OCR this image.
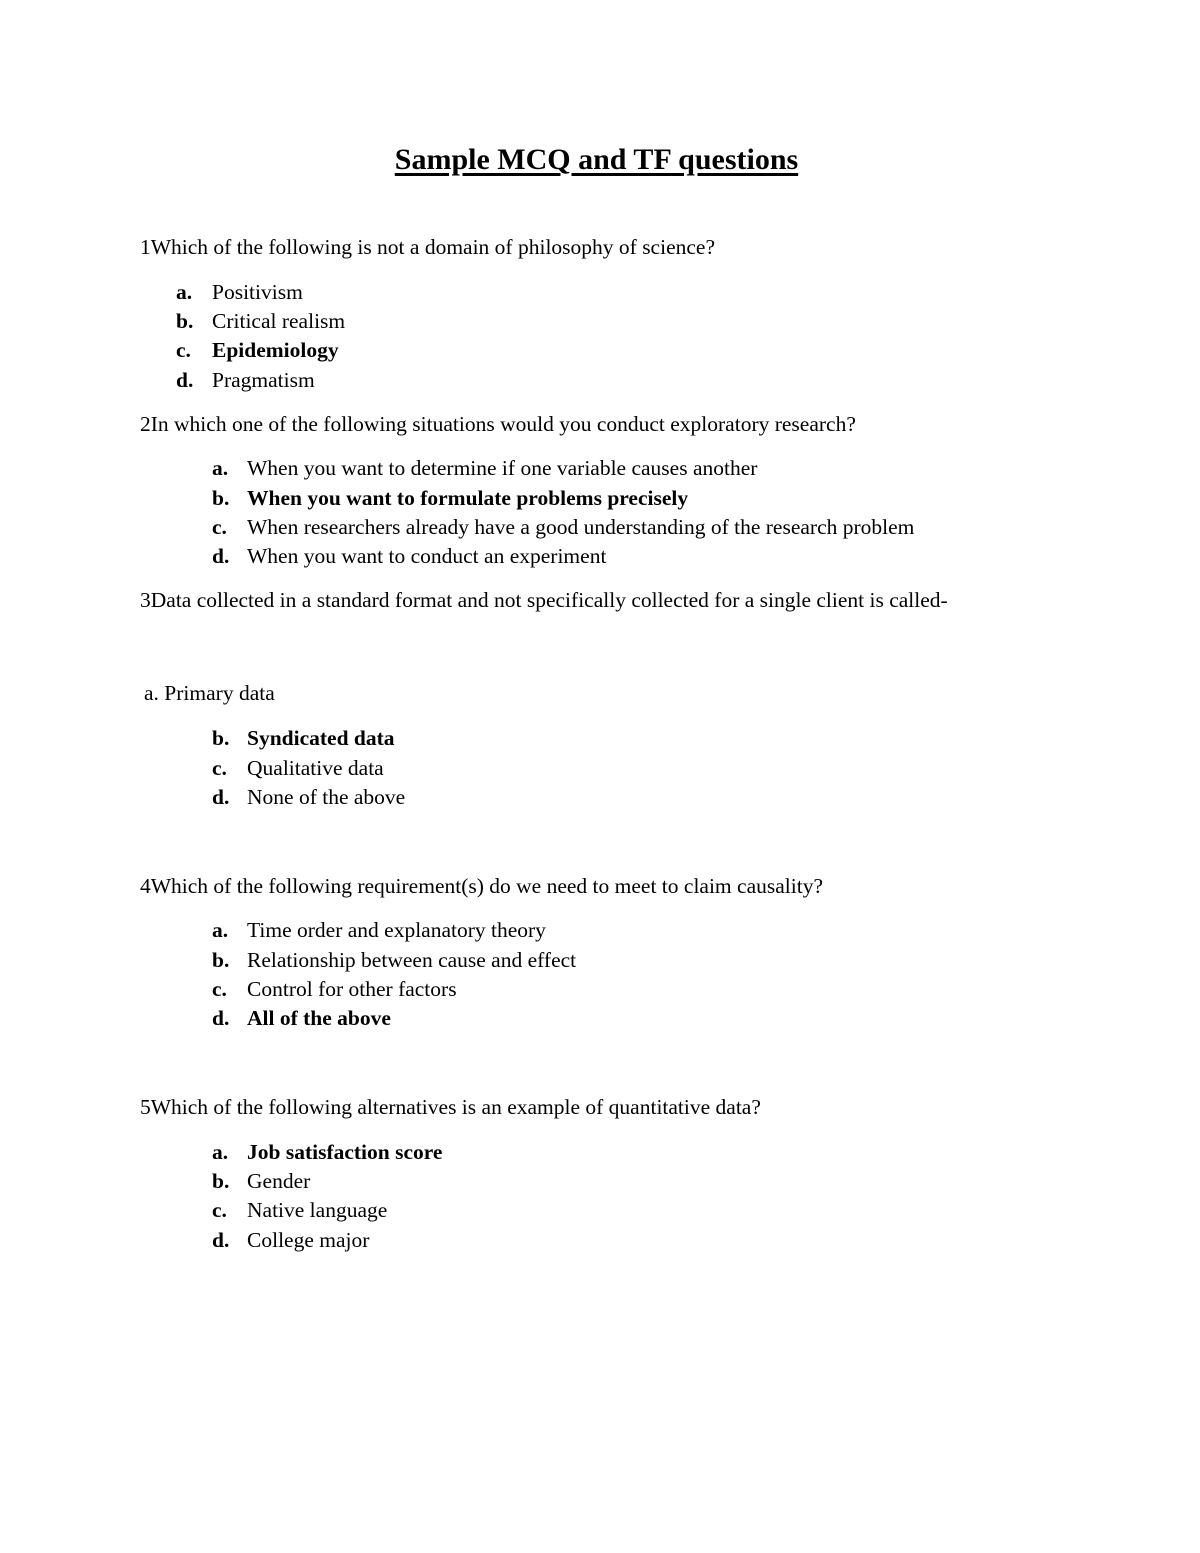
Sample MCQ and TF questions
1Which of the following is not a domain of philosophy of science?
a. Positivism
b. Critical realism
c. Epidemiology
d. Pragmatism
2In which one of the following situations would you conduct exploratory research?
a. When you want to determine if one variable causes another
b. When you want to formulate problems precisely
c. When researchers already have a good understanding of the research problem
d. When you want to conduct an experiment
3Data collected in a standard format and not specifically collected for a single client is called-
a. Primary data
b. Syndicated data
c. Qualitative data
d. None of the above
4Which of the following requirement(s) do we need to meet to claim causality?
a. Time order and explanatory theory
b. Relationship between cause and effect
c. Control for other factors
d. All of the above
5Which of the following alternatives is an example of quantitative data?
a. Job satisfaction score
b. Gender
c. Native language
d. College major
